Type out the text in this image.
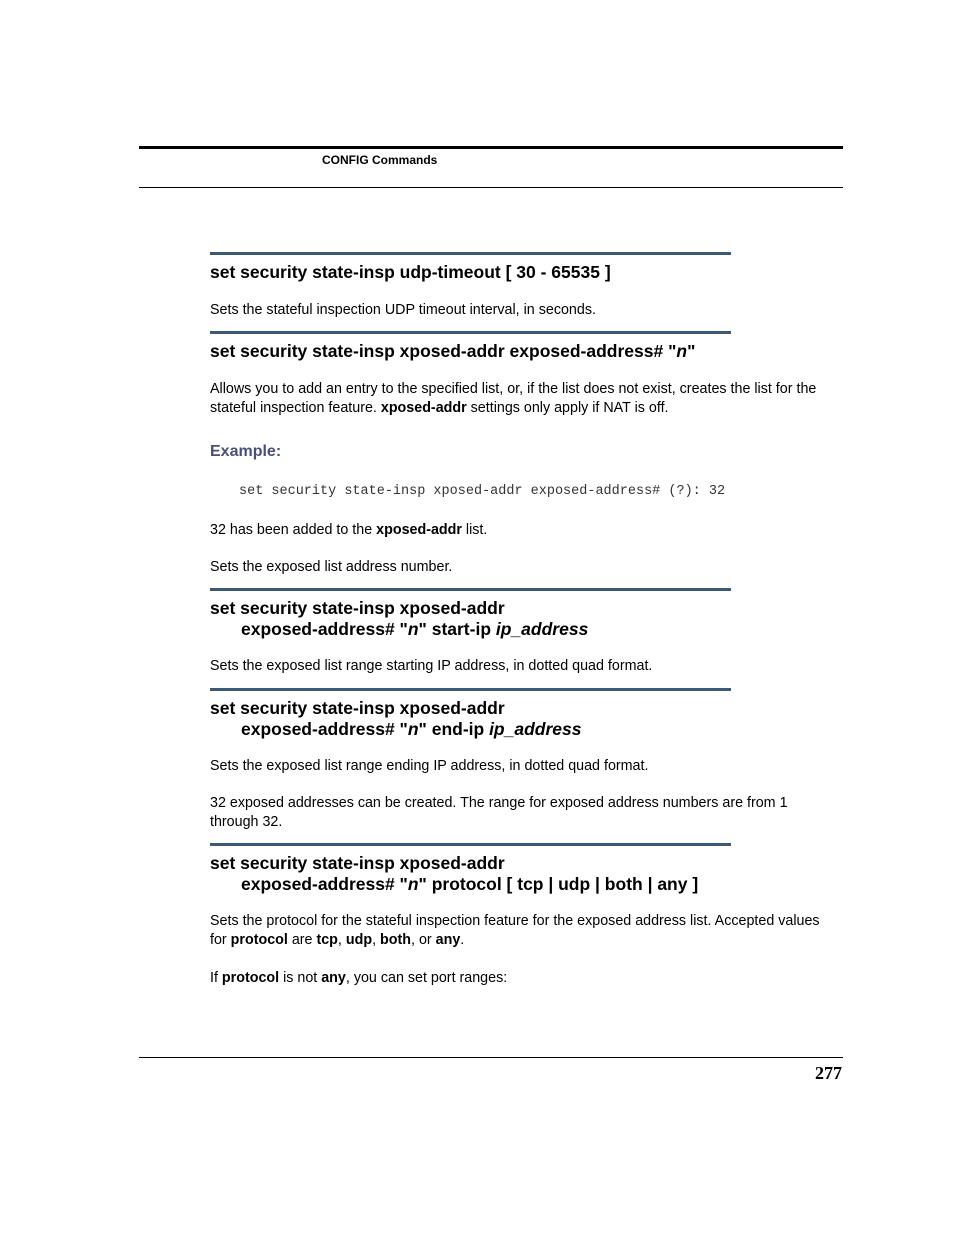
CONFIG Commands
set security state-insp udp-timeout [ 30 - 65535 ]
Sets the stateful inspection UDP timeout interval, in seconds.
set security state-insp xposed-addr exposed-address# "n"
Allows you to add an entry to the specified list, or, if the list does not exist, creates the list for the stateful inspection feature. xposed-addr settings only apply if NAT is off.
Example:
set security state-insp xposed-addr exposed-address# (?): 32
32 has been added to the xposed-addr list.
Sets the exposed list address number.
set security state-insp xposed-addr
exposed-address# "n" start-ip ip_address
Sets the exposed list range starting IP address, in dotted quad format.
set security state-insp xposed-addr
exposed-address# "n" end-ip ip_address
Sets the exposed list range ending IP address, in dotted quad format.
32 exposed addresses can be created. The range for exposed address numbers are from 1 through 32.
set security state-insp xposed-addr
exposed-address# "n" protocol [ tcp | udp | both | any ]
Sets the protocol for the stateful inspection feature for the exposed address list. Accepted values for protocol are tcp, udp, both, or any.
If protocol is not any, you can set port ranges:
277
